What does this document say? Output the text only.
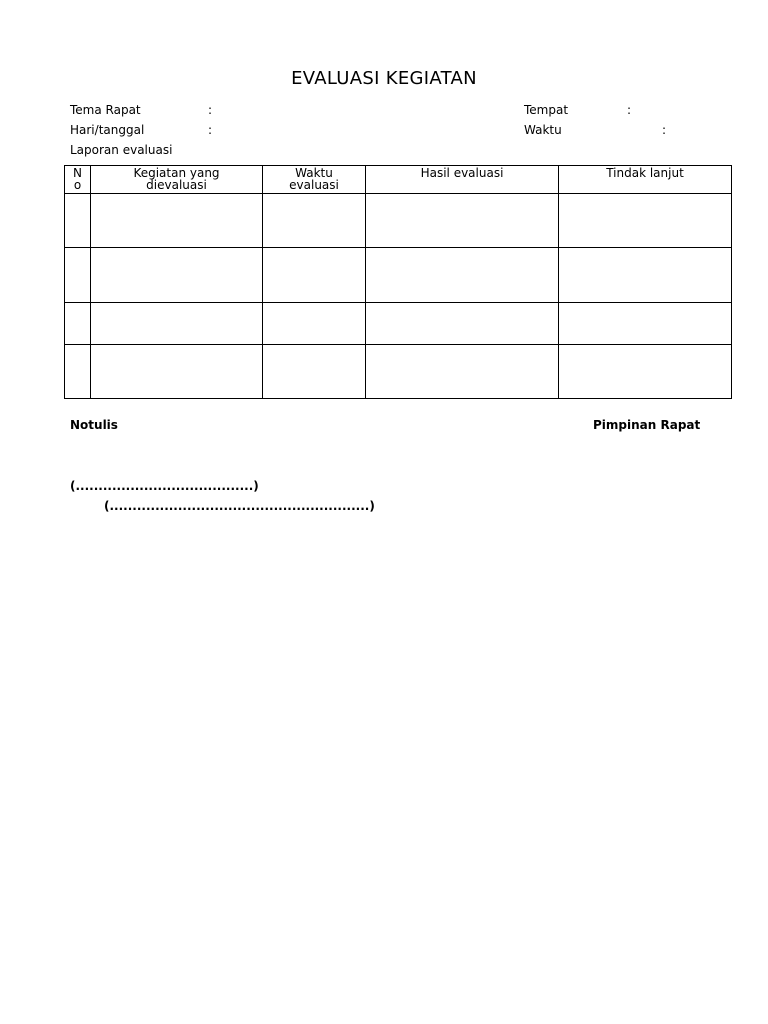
EVALUASI KEGIATAN
Tema Rapat	:	Tempat	:
Hari/tanggal	:	Waktu	:
Laporan evaluasi
No	Kegiatan yang dievaluasi	Waktu evaluasi	Hasil evaluasi	Tindak lanjut

Notulis	Pimpinan Rapat
(.......................................)
(.........................................................)
